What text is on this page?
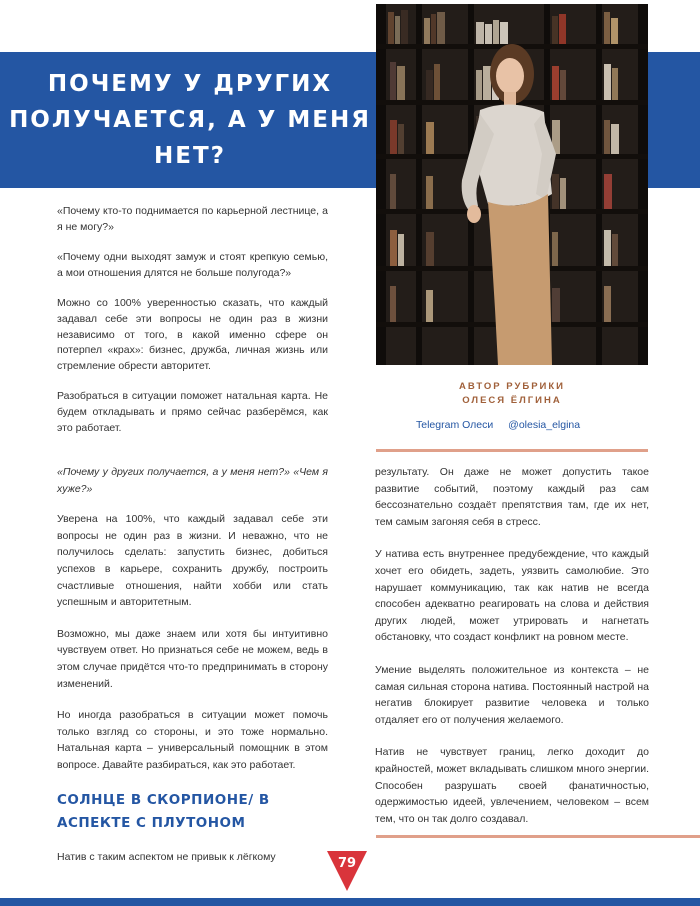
ПОЧЕМУ У ДРУГИХ ПОЛУЧАЕТСЯ, А У МЕНЯ НЕТ?

«Почему кто-то поднимается по карьерной лестнице, а я не могу?»

«Почему одни выходят замуж и стоят крепкую семью, а мои отношения длятся не больше полугода?»

Можно со 100% уверенностью сказать, что каждый задавал себе эти вопросы не один раз в жизни независимо от того, в какой именно сфере он потерпел «крах»: бизнес, дружба, личная жизнь или стремление обрести авторитет.

Разобраться в ситуации поможет натальная карта. Не будем откладывать и прямо сейчас разберёмся, как это работает.

АВТОР РУБРИКИ
ОЛЕСЯ ЁЛГИНА
Telegram Олеси @olesia_elgina

«Почему у других получается, а у меня нет?» «Чем я хуже?»

Уверена на 100%, что каждый задавал себе эти вопросы не один раз в жизни. И неважно, что не получилось сделать: запустить бизнес, добиться успехов в карьере, сохранить дружбу, построить счастливые отношения, найти хобби или стать успешным и авторитетным.

Возможно, мы даже знаем или хотя бы интуитивно чувствуем ответ. Но признаться себе не можем, ведь в этом случае придётся что-то предпринимать в сторону изменений.

Но иногда разобраться в ситуации может помочь только взгляд со стороны, и это тоже нормально. Натальная карта – универсальный помощник в этом вопросе. Давайте разбираться, как это работает.

СОЛНЦЕ В СКОРПИОНЕ/ В АСПЕКТЕ С ПЛУТОНОМ

Натив с таким аспектом не привык к лёгкому

результату. Он даже не может допустить такое развитие событий, поэтому каждый раз сам бессознательно создаёт препятствия там, где их нет, тем самым загоняя себя в стресс.

У натива есть внутреннее предубеждение, что каждый хочет его обидеть, задеть, уязвить самолюбие. Это нарушает коммуникацию, так как натив не всегда способен адекватно реагировать на слова и действия других людей, может утрировать и нагнетать обстановку, что создаст конфликт на ровном месте.

Умение выделять положительное из контекста – не самая сильная сторона натива. Постоянный настрой на негатив блокирует развитие человека и только отдаляет его от получения желаемого.

Натив не чувствует границ, легко доходит до крайностей, может вкладывать слишком много энергии. Способен разрушать своей фанатичностью, одержимостью идеей, увлечением, человеком – всем тем, что он так долго создавал.

79
